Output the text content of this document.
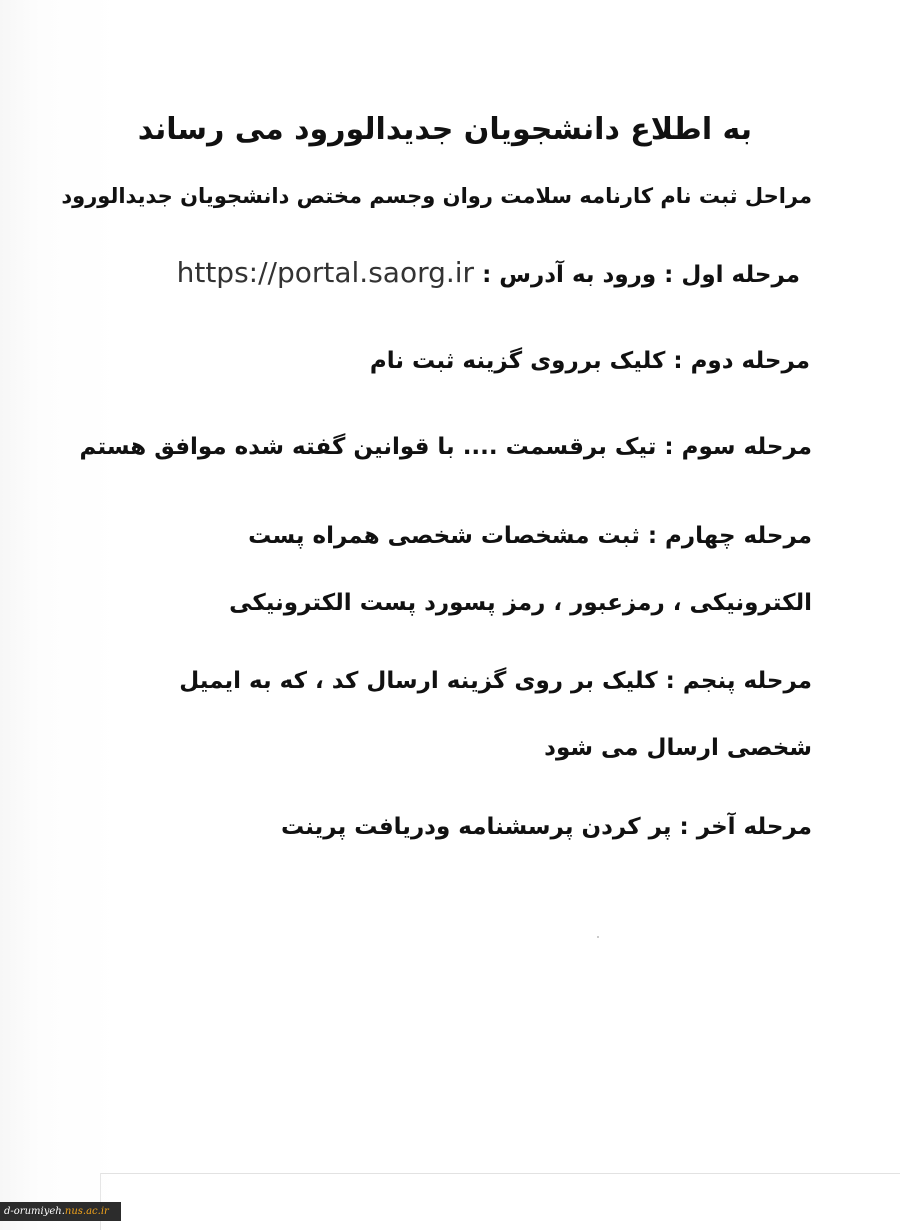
به اطلاع دانشجویان جدیدالورود می رساند
مراحل ثبت نام کارنامه سلامت روان وجسم مختص دانشجویان جدیدالورود
مرحله اول : ورود به آدرس : https://portal.saorg.ir
مرحله دوم : کلیک برروی گزینه ثبت نام
مرحله سوم : تیک برقسمت .... با قوانین گفته شده موافق هستم
مرحله چهارم : ثبت مشخصات شخصی همراه پست
الکترونیکی ، رمزعبور ، رمز پسورد پست الکترونیکی
مرحله پنجم : کلیک بر روی گزینه ارسال کد ، که به ایمیل
شخصی ارسال می شود
مرحله آخر : پر کردن پرسشنامه ودریافت پرینت
d-orumiyeh.nus.ac.ir
